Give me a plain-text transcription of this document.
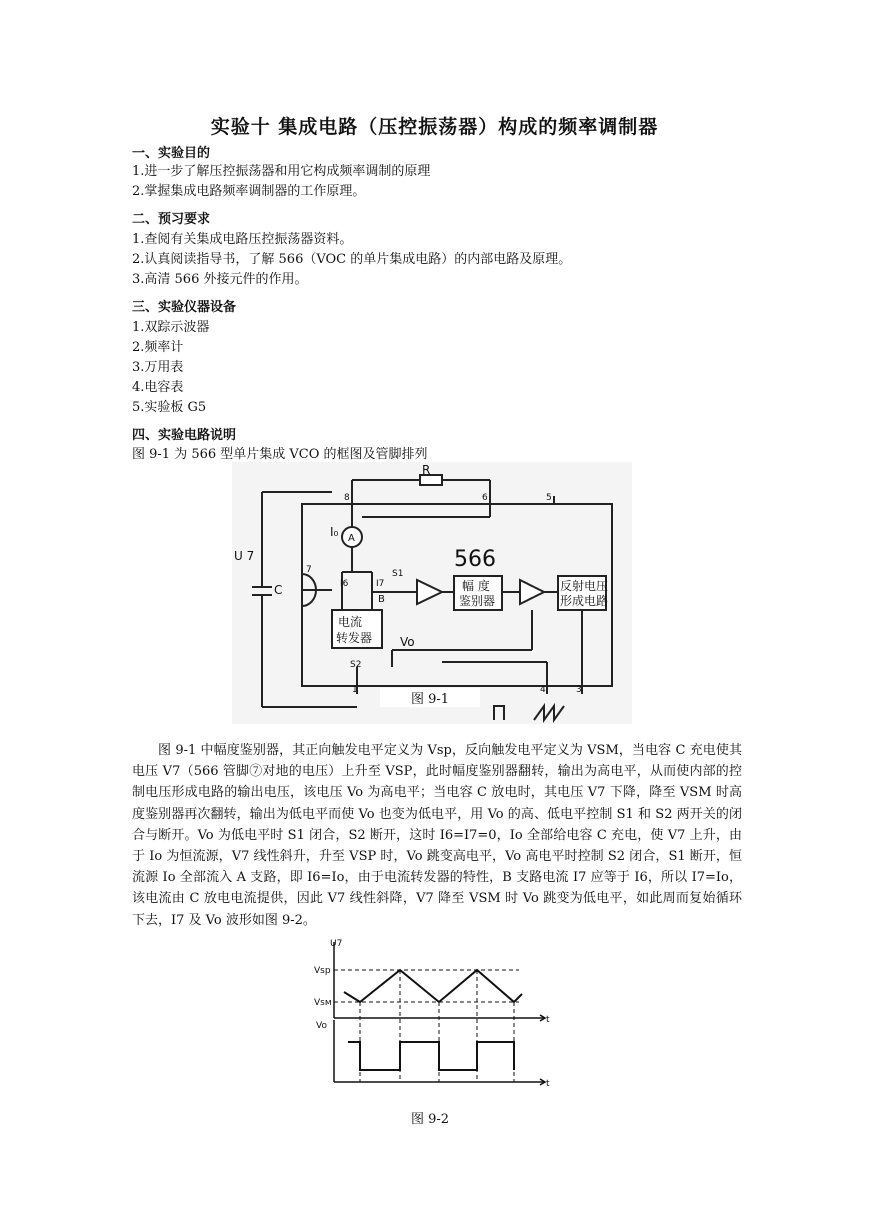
实验十 集成电路（压控振荡器）构成的频率调制器
一、实验目的
1.进一步了解压控振荡器和用它构成频率调制的原理
2.掌握集成电路频率调制器的工作原理。
二、预习要求
1.查阅有关集成电路压控振荡器资料。
2.认真阅读指导书，了解 566（VOC 的单片集成电路）的内部电路及原理。
3.高清 566 外接元件的作用。
三、实验仪器设备
1.双踪示波器
2.频率计
3.万用表
4.电容表
5.实验板 G5
四、实验电路说明
图 9-1 为 566 型单片集成 VCO 的框图及管脚排列
R
U 7
C
I₀ A
I6	I7
S1
B
S2
Vo
566
电流
转发器
幅 度
鉴别器
反射电压
形成电路
8	6	5
7
1	4	3
图 9-1

图 9-1 中幅度鉴别器，其正向触发电平定义为 Vsp，反向触发电平定义为 VSM，当电容 C 充电使其电压 V7（566 管脚⑦对地的电压）上升至 VSP，此时幅度鉴别器翻转，输出为高电平，从而使内部的控制电压形成电路的输出电压，该电压 Vo 为高电平；当电容 C 放电时，其电压 V7 下降，降至 VSM 时高度鉴别器再次翻转，输出为低电平而使 Vo 也变为低电平，用 Vo 的高、低电平控制 S1 和 S2 两开关的闭合与断开。Vo 为低电平时 S1 闭合，S2 断开，这时 I6=I7=0，Io 全部给电容 C 充电，使 V7 上升，由于 Io 为恒流源，V7 线性斜升，升至 VSP 时，Vo 跳变高电平，Vo 高电平时控制 S2 闭合，S1 断开，恒流源 Io 全部流入 A 支路，即 I6=Io，由于电流转发器的特性，B 支路电流 I7 应等于 I6，所以 I7=Io，该电流由 C 放电电流提供，因此 V7 线性斜降，V7 降至 VSM 时 Vo 跳变为低电平，如此周而复始循环下去，I7 及 Vo 波形如图 9-2。

U7
Vsp
Vsм
t
Vo
t
图 9-2
